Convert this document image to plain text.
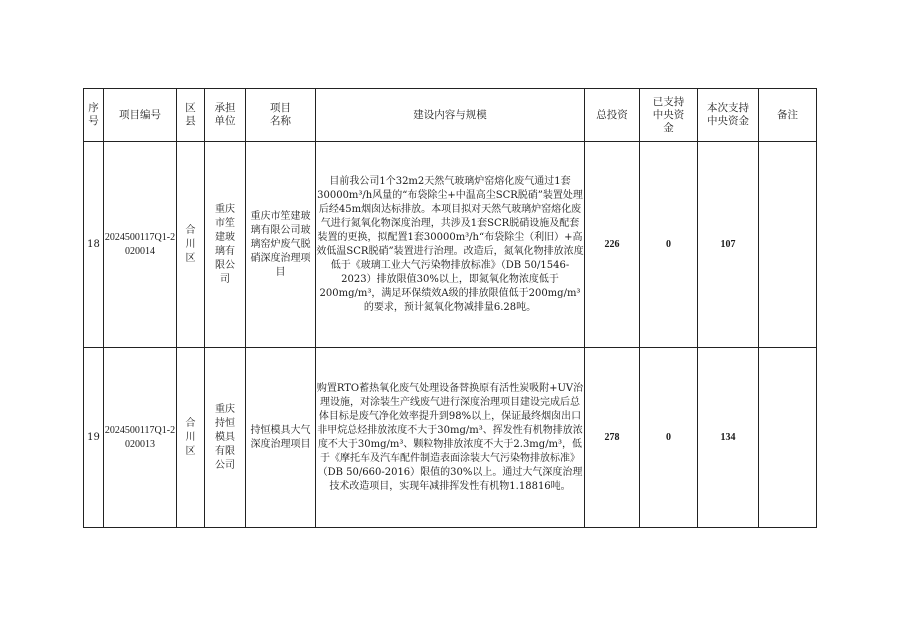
序号	项目编号	区县	承担单位	项目名称	建设内容与规模	总投资	已支持中央资金	本次支持中央资金	备注
18	2024500117Q1-2020014	合川区	重庆市笙建玻璃有限公司	重庆市笙建玻璃有限公司玻璃窑炉废气脱硝深度治理项目	目前我公司1个32m2天然气玻璃炉窑熔化废气通过1套30000m³/h风量的“布袋除尘+中温高尘SCR脱硝”装置处理后经45m烟囱达标排放。本项目拟对天然气玻璃炉窑熔化废气进行氮氧化物深度治理，共涉及1套SCR脱硝设施及配套装置的更换，拟配置1套30000m³/h“布袋除尘（利旧）+高效低温SCR脱硝”装置进行治理。改造后，氮氧化物排放浓度低于《玻璃工业大气污染物排放标准》（DB 50/1546-2023）排放限值30%以上，即氮氧化物浓度低于200mg/m³，满足环保绩效A级的排放限值低于200mg/m³的要求，预计氮氧化物减排量6.28吨。	226	0	107	
19	2024500117Q1-2020013	合川区	重庆持恒模具有限公司	持恒模具大气深度治理项目	购置RTO蓄热氧化废气处理设备替换原有活性炭吸附+UV治理设施，对涂装生产线废气进行深度治理项目建设完成后总体目标是废气净化效率提升到98%以上，保证最终烟囱出口非甲烷总烃排放浓度不大于30mg/m³、挥发性有机物排放浓度不大于30mg/m³、颗粒物排放浓度不大于2.3mg/m³，低于《摩托车及汽车配件制造表面涂装大气污染物排放标准》（DB 50/660-2016）限值的30%以上。通过大气深度治理技术改造项目，实现年减排挥发性有机物1.18816吨。	278	0	134	
